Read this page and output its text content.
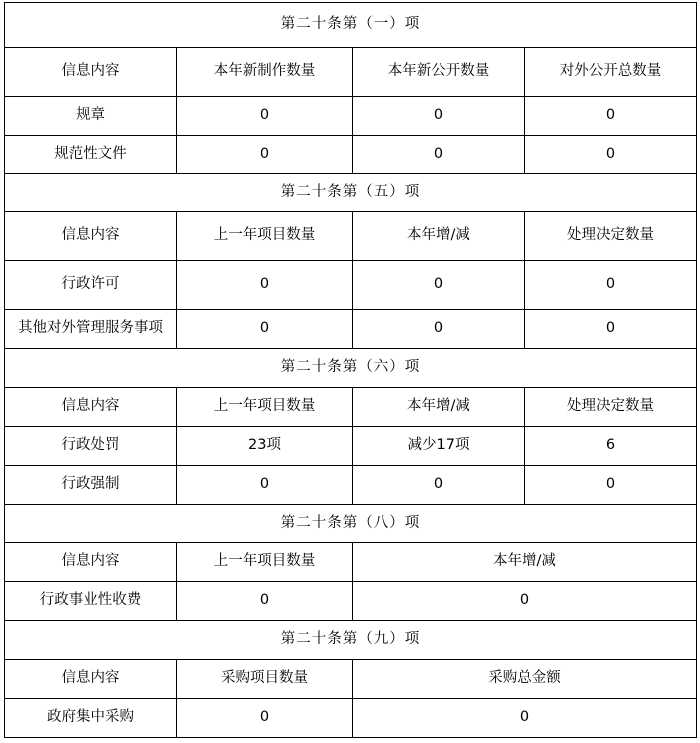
第二十条第（一）项			
信息内容	本年新制作数量	本年新公开数量	对外公开总数量
规章	0	0	0
规范性文件	0	0	0
第二十条第（五）项			
信息内容	上一年项目数量	本年增/减	处理决定数量
行政许可	0	0	0
其他对外管理服务事项	0	0	0
第二十条第（六）项			
信息内容	上一年项目数量	本年增/减	处理决定数量
行政处罚	23项	减少17项	6
行政强制	0	0	0
第二十条第（八）项			
信息内容	上一年项目数量	本年增/减	
行政事业性收费	0	0	
第二十条第（九）项			
信息内容	采购项目数量	采购总金额	
政府集中采购	0	0	
